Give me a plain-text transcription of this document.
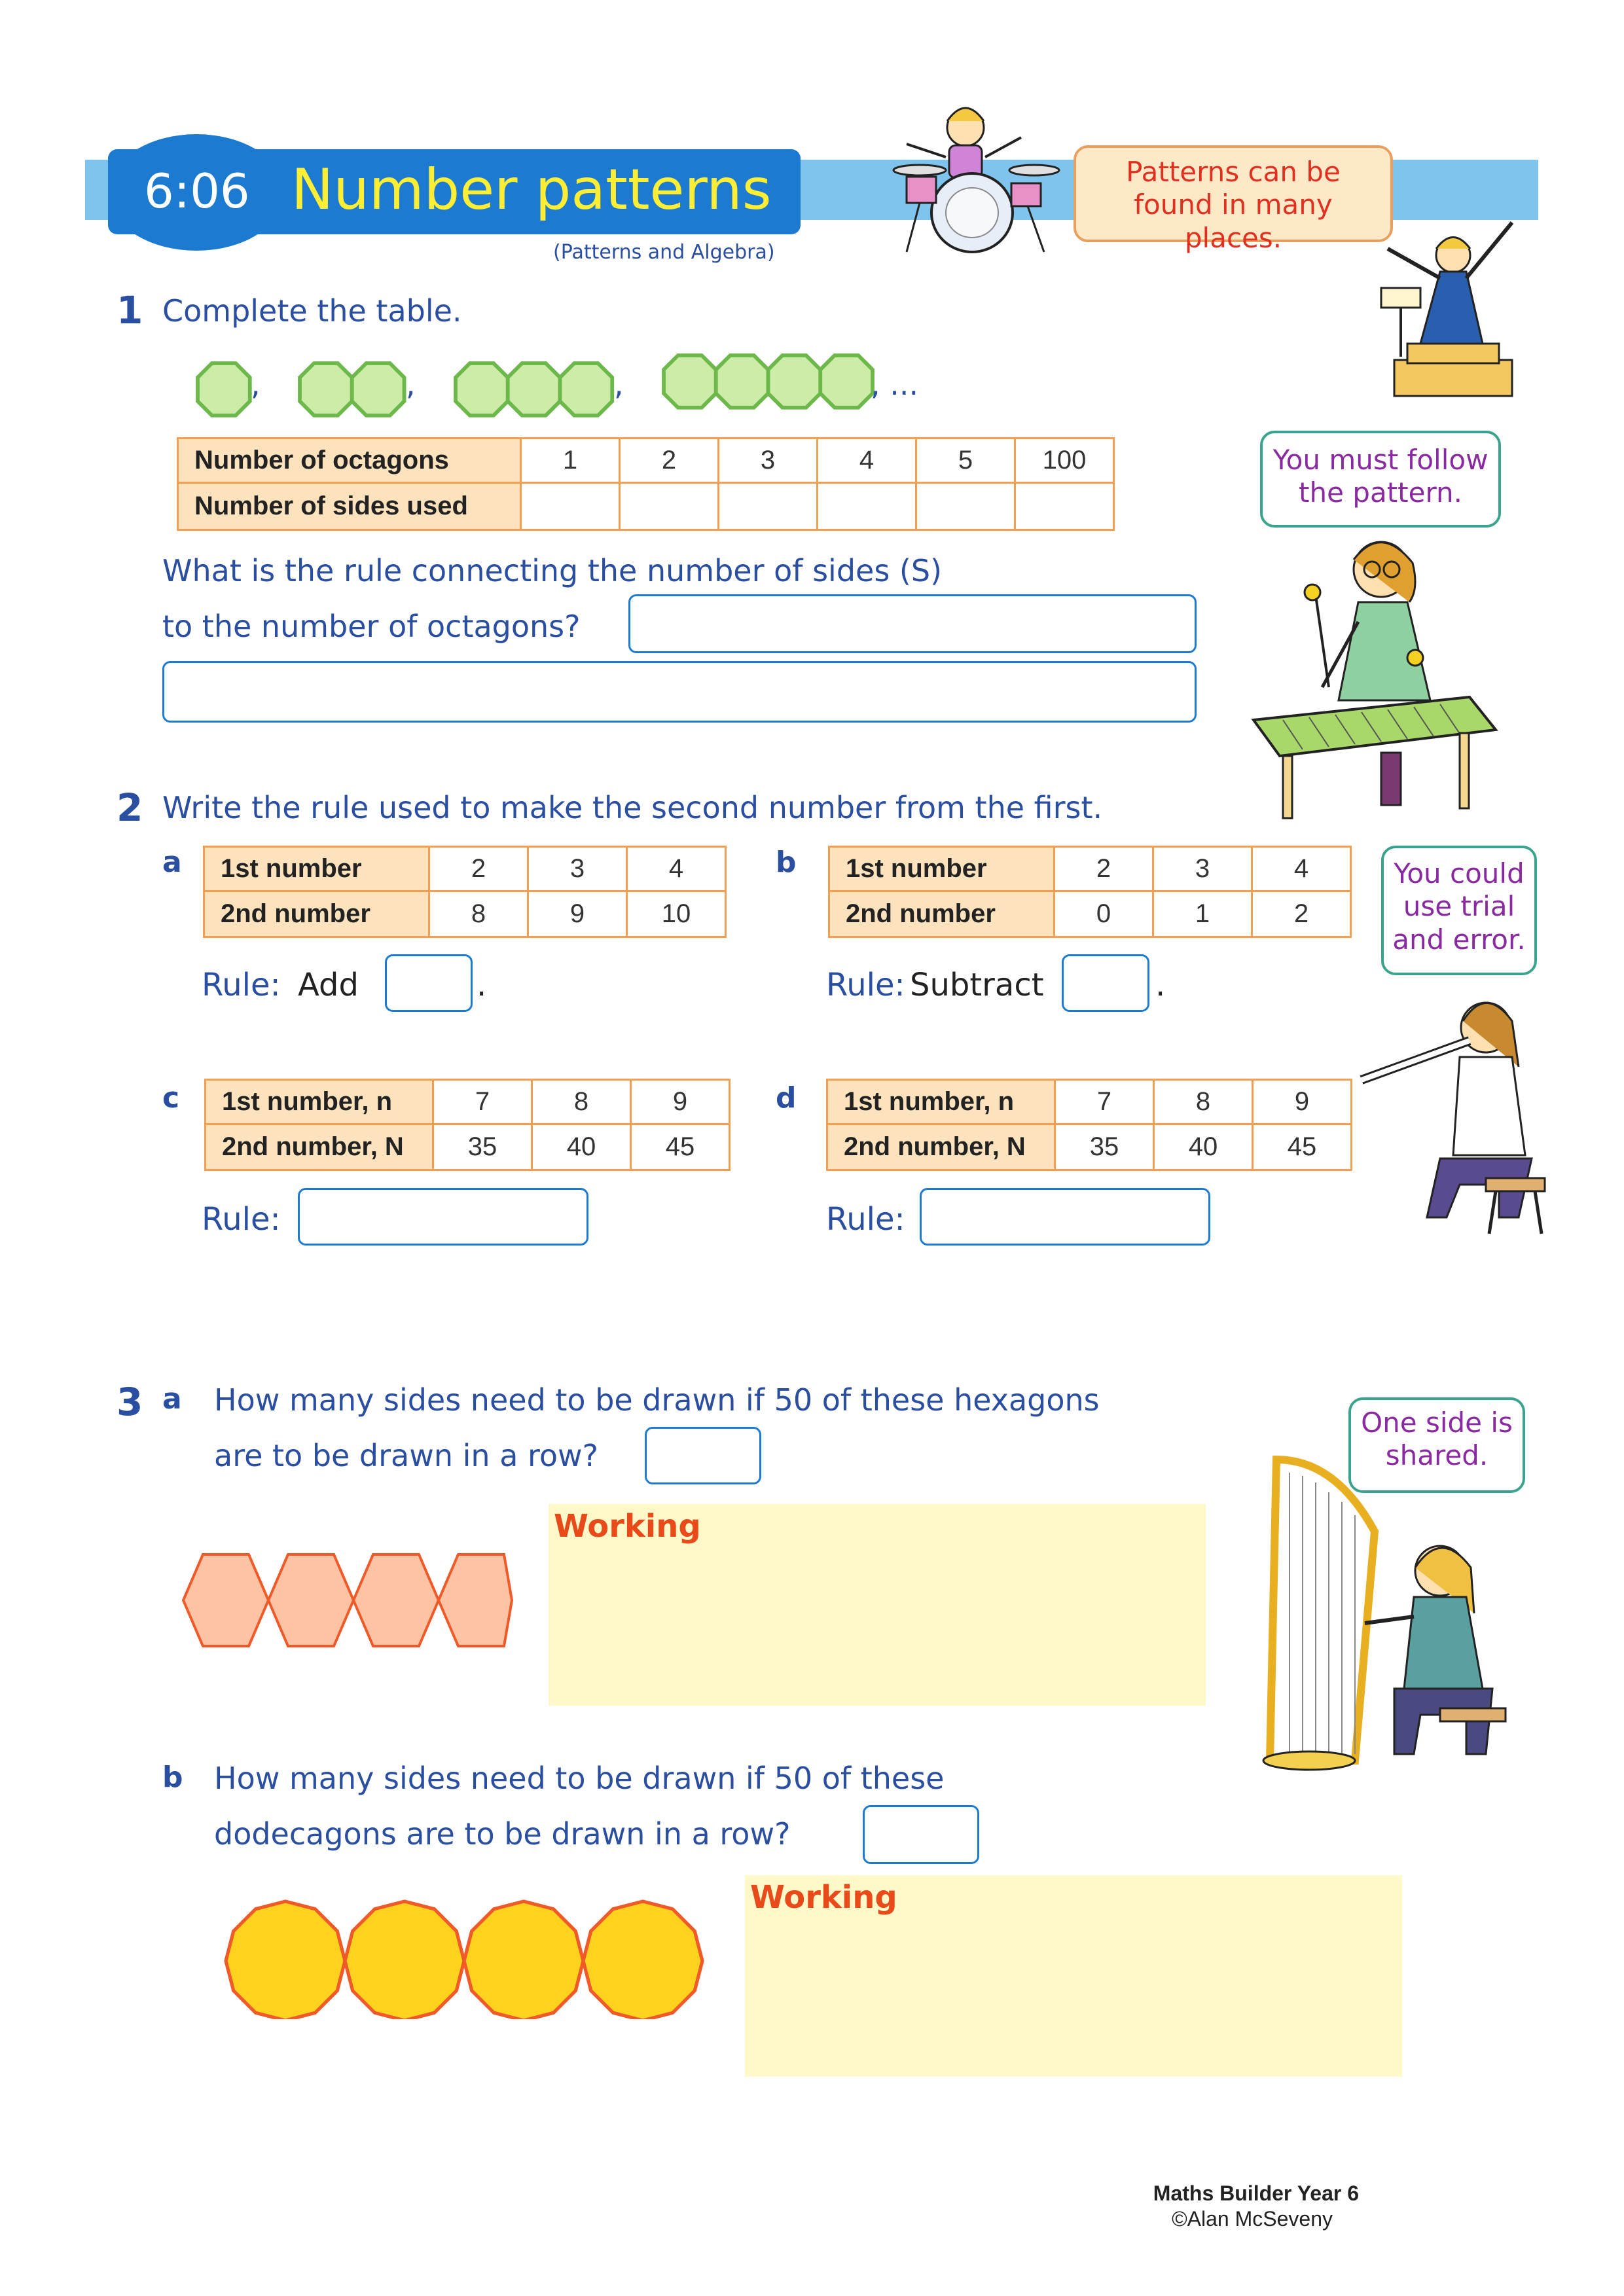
6:06 Number patterns
(Patterns and Algebra)
Patterns can be found in many places.
1 Complete the table.
,	,	,	, ...
Number of octagons	1	2	3	4	5	100
Number of sides used						
What is the rule connecting the number of sides (S)
to the number of octagons?
You must follow the pattern.
2 Write the rule used to make the second number from the first.
a 1st number	2	3	4
2nd number	8	9	10
Rule: Add	.
b 1st number	2	3	4
2nd number	0	1	2
Rule: Subtract	.
c 1st number, n	7	8	9
2nd number, N	35	40	45
Rule:
d 1st number, n	7	8	9
2nd number, N	35	40	45
Rule:
You could use trial and error.
3 a How many sides need to be drawn if 50 of these hexagons
are to be drawn in a row?
Working
One side is shared.
b How many sides need to be drawn if 50 of these
dodecagons are to be drawn in a row?
Working
Maths Builder Year 6
©Alan McSeveny
